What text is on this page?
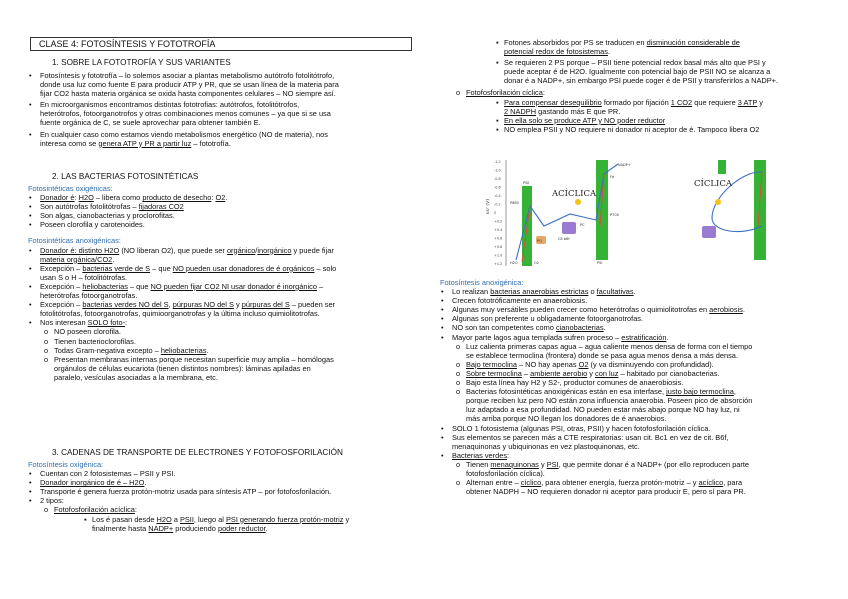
CLASE 4: FOTOSÍNTESIS Y FOTOTROFÍA
1. SOBRE LA FOTOTROFÍA Y SUS VARIANTES
• Fotosíntesis y fototrofía – lo solemos asociar a plantas metabolismo autótrofo fotolitótrofo,
donde usa luz como fuente E para producir ATP y PR, que se usan línea de la materia para
fijar CO2 hasta materia orgánica se oxida hasta componentes celulares – NO siempre así.
• En microorganismos encontramos distintas fototrofias: autótrofos, fotolitótrofos,
heterótrofos, fotoorganotrofos y otras combinaciones menos comunes – ya que si se usa
fuente orgánica de C, se suele aprovechar para obtener también E.
• En cualquier caso como estamos viendo metabolismos energético (NO de materia), nos
interesa como se genera ATP y PR a partir luz – fototrofía.
2. LAS BACTERIAS FOTOSINTÉTICAS
Fotosintéticas oxigénicas:
• Donador é: H2O – libera como producto de desecho: O2.
• Son autótrofas fotolitótrofas – fijadoras CO2
• Son algas, cianobacterias y proclorofitas.
• Poseen clorofila y carotenoides.
Fotosintéticas anoxigénicas:
• Donador é: distinto H2O (NO liberan O2), que puede ser orgánico/inorgánico y puede fijar
materia orgánica/CO2.
• Excepción – bacterias verde de S – que NO pueden usar donadores de é orgánicos – solo
usan S o H – fotolitótrofas.
• Excepción – heliobacterias – que NO pueden fijar CO2 NI usar donador é inorgánico –
heterótrofas fotoorganotrofas.
• Excepción – bacterias verdes NO del S, púrpuras NO del S y púrpuras del S – pueden ser
fotolitótrofas, fotoorganotrofas, quimioorganotrofas y la última incluso quimiolitotrofas.
• Nos interesan SOLO foto-:
o NO poseen clorofila.
o Tienen bacterioclorofilas.
o Todas Gram-negativa excepto – heliobacterias.
o Presentan membranas internas porque necesitan superficie muy amplia – homólogas
orgánulos de células eucariota (tienen distintos nombres): láminas apiladas en
paralelo, vesículas asociadas a la membrana, etc.
3. CADENAS DE TRANSPORTE DE ELECTRONES Y FOTOFOSFORILACIÓN
Fotosíntesis oxigénica:
• Cuentan con 2 fotosistemas – PSII y PSI.
• Donador inorgánico de é – H2O.
• Transporte é genera fuerza protón-motriz usada para síntesis ATP – por fotofosforilación.
• 2 tipos:
o Fotofosforilación acíclica:
▪ Los é pasan desde H2O a PSII, luego al PSI generando fuerza protón-motriz y
finalmente hasta NADP+ produciendo poder reductor.
▪ Fotones absorbidos por PS se traducen en disminución considerable de
potencial redox de fotosistemas.
▪ Se requieren 2 PS porque – PSII tiene potencial redox basal más alto que PSI y
puede aceptar é de H2O. Igualmente con potencial bajo de PSII NO se alcanza a
donar é a NADP+, sin embargo PSI puede coger é de PSII y transferirlos a NADP+.
o Fotofosforilación cíclica:
▪ Para compensar desequilibrio formado por fijación 1 CO2 que requiere 3 ATP y
2 NADPH gastando más E que PR.
▪ En ella solo se produce ATP y NO poder reductor
▪ NO emplea PSII y NO requiere ni donador ni aceptor de é. Tampoco libera O2
E0' (V)
-1.2
-1.0
-0.8
-0.6
-0.4
-0.2
0
+0.2
+0.4
+0.6
+0.8
+1.0
+1.2
ACÍCLICA
P680
H2O	O2
PQ	Cit b6f
PC
P700
Fd
NADP+
PSII
PSI
CÍCLICA
Fotosíntesis anoxigénica:
• Lo realizan bacterias anaerobias estrictas o facultativas.
• Crecen fototróficamente en anaerobiosis.
• Algunas muy versátiles pueden crecer como heterótrofas o quimiolitotrofas en aerobiosis.
• Algunas son preferente u obligadamente fotoorganotrofas.
• NO son tan competentes como cianobacterias.
• Mayor parte lagos agua templada sufren proceso – estratificación.
o Luz calienta primeras capas agua – agua caliente menos densa de forma con el tiempo
se establece termoclina (frontera) donde se pasa agua menos densa a más densa.
o Bajo termoclina – NO hay apenas O2 (y va disminuyendo con profundidad).
o Sobre termoclina – ambiente aerobio y con luz – habitado por cianobacterias.
o Bajo esta línea hay H2 y S2-, productor comunes de anaerobiosis.
o Bacterias fotosintéticas anoxigénicas están en esa interfase, justo bajo termoclina,
porque reciben luz pero NO están zona influencia anaerobia. Poseen pico de absorción
luz adaptado a esa profundidad. NO pueden estar más abajo porque NO hay luz, ni
más arriba porque NO llegan los donadores de é anaerobios.
• SOLO 1 fotosistema (algunas PSI, otras, PSII) y hacen fotofosforilación cíclica.
• Sus elementos se parecen más a CTE respiratorias: usan cit. Bc1 en vez de cit. B6f,
menaquinonas y ubiquinonas en vez plastoquinonas, etc.
• Bacterias verdes:
o Tienen menaquinonas y PSI, que permite donar é a NADP+ (por ello reproducen parte
fotofosforilación cíclica).
o Alternan entre – cíclico, para obtener energía, fuerza protón-motriz – y acíclico, para
obtener NADPH – NO requieren donador ni aceptor para producir E, pero sí para PR.
